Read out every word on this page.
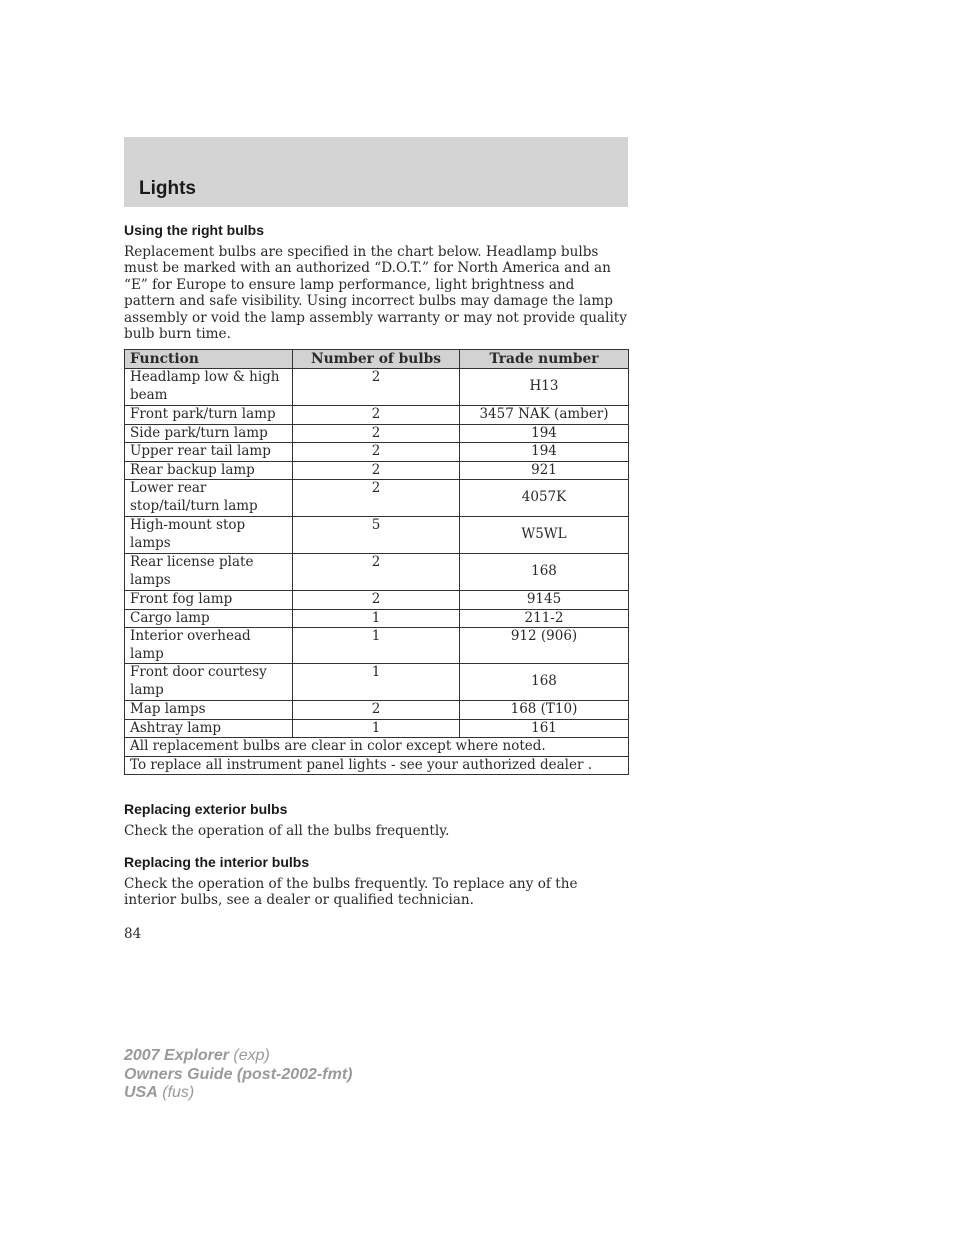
Lights
Using the right bulbs

Replacement bulbs are specified in the chart below. Headlamp bulbs must be marked with an authorized “D.O.T.” for North America and an “E” for Europe to ensure lamp performance, light brightness and pattern and safe visibility. Using incorrect bulbs may damage the lamp assembly or void the lamp assembly warranty or may not provide quality bulb burn time.

Function	Number of bulbs	Trade number
Headlamp low & high beam	2	H13
Front park/turn lamp	2	3457 NAK (amber)
Side park/turn lamp	2	194
Upper rear tail lamp	2	194
Rear backup lamp	2	921
Lower rear stop/tail/turn lamp	2	4057K
High-mount stop lamps	5	W5WL
Rear license plate lamps	2	168
Front fog lamp	2	9145
Cargo lamp	1	211-2
Interior overhead lamp	1	912 (906)
Front door courtesy lamp	1	168
Map lamps	2	168 (T10)
Ashtray lamp	1	161
All replacement bulbs are clear in color except where noted.		
To replace all instrument panel lights - see your authorized dealer .		
Replacing exterior bulbs

Check the operation of all the bulbs frequently.

Replacing the interior bulbs

Check the operation of the bulbs frequently. To replace any of the interior bulbs, see a dealer or qualified technician.

84
2007 Explorer (exp)
Owners Guide (post-2002-fmt)
USA (fus)
